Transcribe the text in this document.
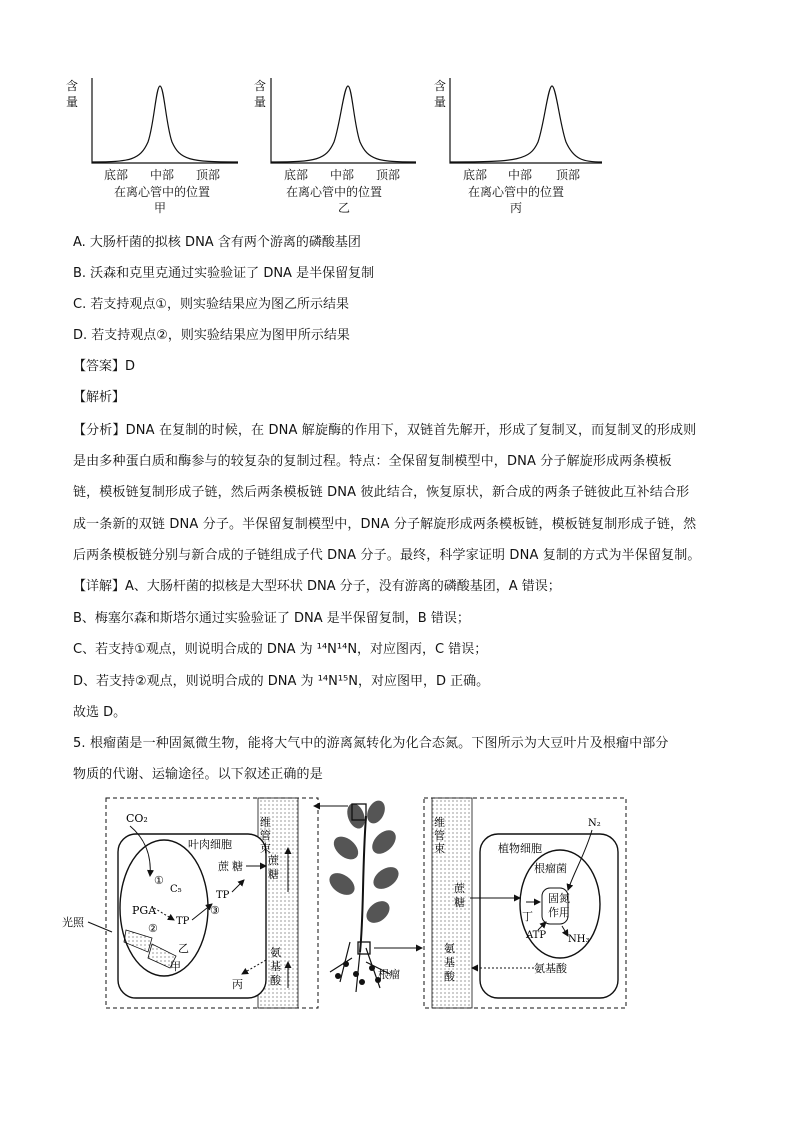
含
量
底部	中部	顶部
在离心管中的位置
甲
含
量
底部	中部	顶部
在离心管中的位置
乙
含
量
底部	中部	顶部
在离心管中的位置
丙
A. 大肠杆菌的拟核 DNA 含有两个游离的磷酸基团
B. 沃森和克里克通过实验验证了 DNA 是半保留复制
C. 若支持观点①，则实验结果应为图乙所示结果
D. 若支持观点②，则实验结果应为图甲所示结果
【答案】D
【解析】
【分析】DNA 在复制的时候，在 DNA 解旋酶的作用下，双链首先解开，形成了复制叉，而复制叉的形成则
是由多种蛋白质和酶参与的较复杂的复制过程。特点：全保留复制模型中，DNA 分子解旋形成两条模板
链，模板链复制形成子链，然后两条模板链 DNA 彼此结合，恢复原状，新合成的两条子链彼此互补结合形
成一条新的双链 DNA 分子。半保留复制模型中，DNA 分子解旋形成两条模板链，模板链复制形成子链，然
后两条模板链分别与新合成的子链组成子代 DNA 分子。最终，科学家证明 DNA 复制的方式为半保留复制。
【详解】A、大肠杆菌的拟核是大型环状 DNA 分子，没有游离的磷酸基团，A 错误；
B、梅塞尔森和斯塔尔通过实验验证了 DNA 是半保留复制，B 错误；
C、若支持①观点，则说明合成的 DNA 为 ¹⁴N¹⁴N，对应图丙，C 错误；
D、若支持②观点，则说明合成的 DNA 为 ¹⁴N¹⁵N，对应图甲，D 正确。
故选 D。
5. 根瘤菌是一种固氮微生物，能将大气中的游离氮转化为化合态氮。下图所示为大豆叶片及根瘤中部分
物质的代谢、运输途径。以下叙述正确的是
CO₂
叶肉细胞
维
管
束
①
C₅
PGA
TP
②
③
TP
蔗 糖 蔗
糖
光照
乙
甲
丙
氨
基
酸	根瘤
维
管
束	植物细胞
根瘤菌
N₂
蔗
糖
丁
固 氮
作 用
ATP NH₃
氨基酸
氨
基
酸
